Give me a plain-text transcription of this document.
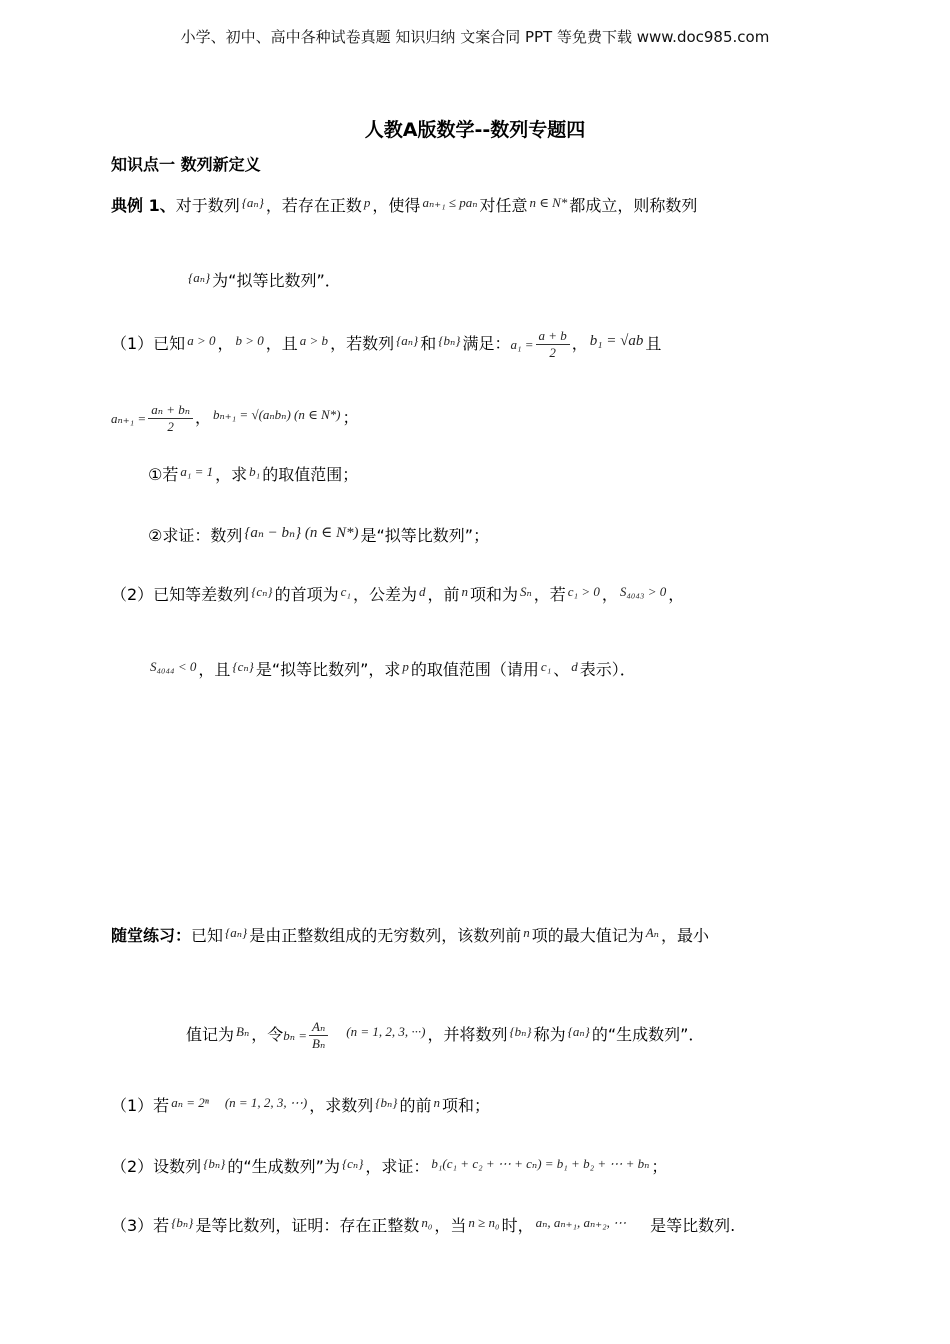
小学、初中、高中各种试卷真题 知识归纳 文案合同 PPT 等免费下载 www.doc985.com
人教A版数学--数列专题四
知识点一 数列新定义
典例 1、对于数列 $^{\{a_n\}}$ ，若存在正数 $^p$ ，使得 $^{a_{n+1} \le pa_n}$ 对任意 $^{n \in N*}$ 都成立，则称数列
$^{\{a_n\}}$ 为“拟等比数列”．
（1）已知 $^{a > 0}$ ， $^{b > 0}$ ，且 $^{a > b}$ ，若数列 $^{\{a_n\}}$ 和 $^{\{b_n\}}$ 满足：$a_1 = \frac{a + b}{2}$ ， b₁ = √ab 且
$a_{n+1} = \frac{\text{aₙ + bₙ}}{2}$ ， $^{b_{n+1} = √(a_nb_n) (n \in N*)}$ ；
①若 $^{a_1 = 1}$ ，求 $^{b_1}$ 的取值范围；
②求证：数列 {aₙ − bₙ} (n ∈ N*) 是“拟等比数列”；
（2）已知等差数列 $^{\{c_n\}}$ 的首项为 $^{c_1}$ ，公差为 $^d$ ，前 $^n$ 项和为 $^{S_n}$ ，若 $^{c_1 > 0}$ ， $^{S_{4043} > 0}$ ，
$^{S_{4044} < 0}$ ，且 $^{\{c_n\}}$ 是“拟等比数列”，求 $^p$ 的取值范围（请用 $^{c_1}$ 、 $^d$ 表示）．
随堂练习：已知 $^{\{a_n\}}$ 是由正整数组成的无穷数列，该数列前 $^n$ 项的最大值记为 $^{A_n}$ ，最小
值记为 $^{B_n}$ ，令$b_n = \frac{\text{Aₙ}}{\text{Bₙ}} ^{(n = 1, 2, 3, \cdot\cdot\cdot)}$ ，并将数列 $^{\{b_n\}}$ 称为 $^{\{a_n\}}$ 的“生成数列”．
（1）若 $^{a_n = 2^n}$ $^{(n = 1, 2, 3, \cdots)}$ ，求数列 $^{\{b_n\}}$ 的前 $^n$ 项和；
（2）设数列 $^{\{b_n\}}$ 的“生成数列”为 $^{\{c_n\}}$ ，求证： $^{b_1(c_1 + c_2 + \cdots + c_n) = b_1 + b_2 + \cdots + b_n}$ ；
（3）若 $^{\{b_n\}}$ 是等比数列，证明：存在正整数 $^{n_0}$ ，当 $^{n \ge n_0}$ 时， $^{a_n, a_{n+1}, a_{n+2}, \cdots}$ 是等比数列.
